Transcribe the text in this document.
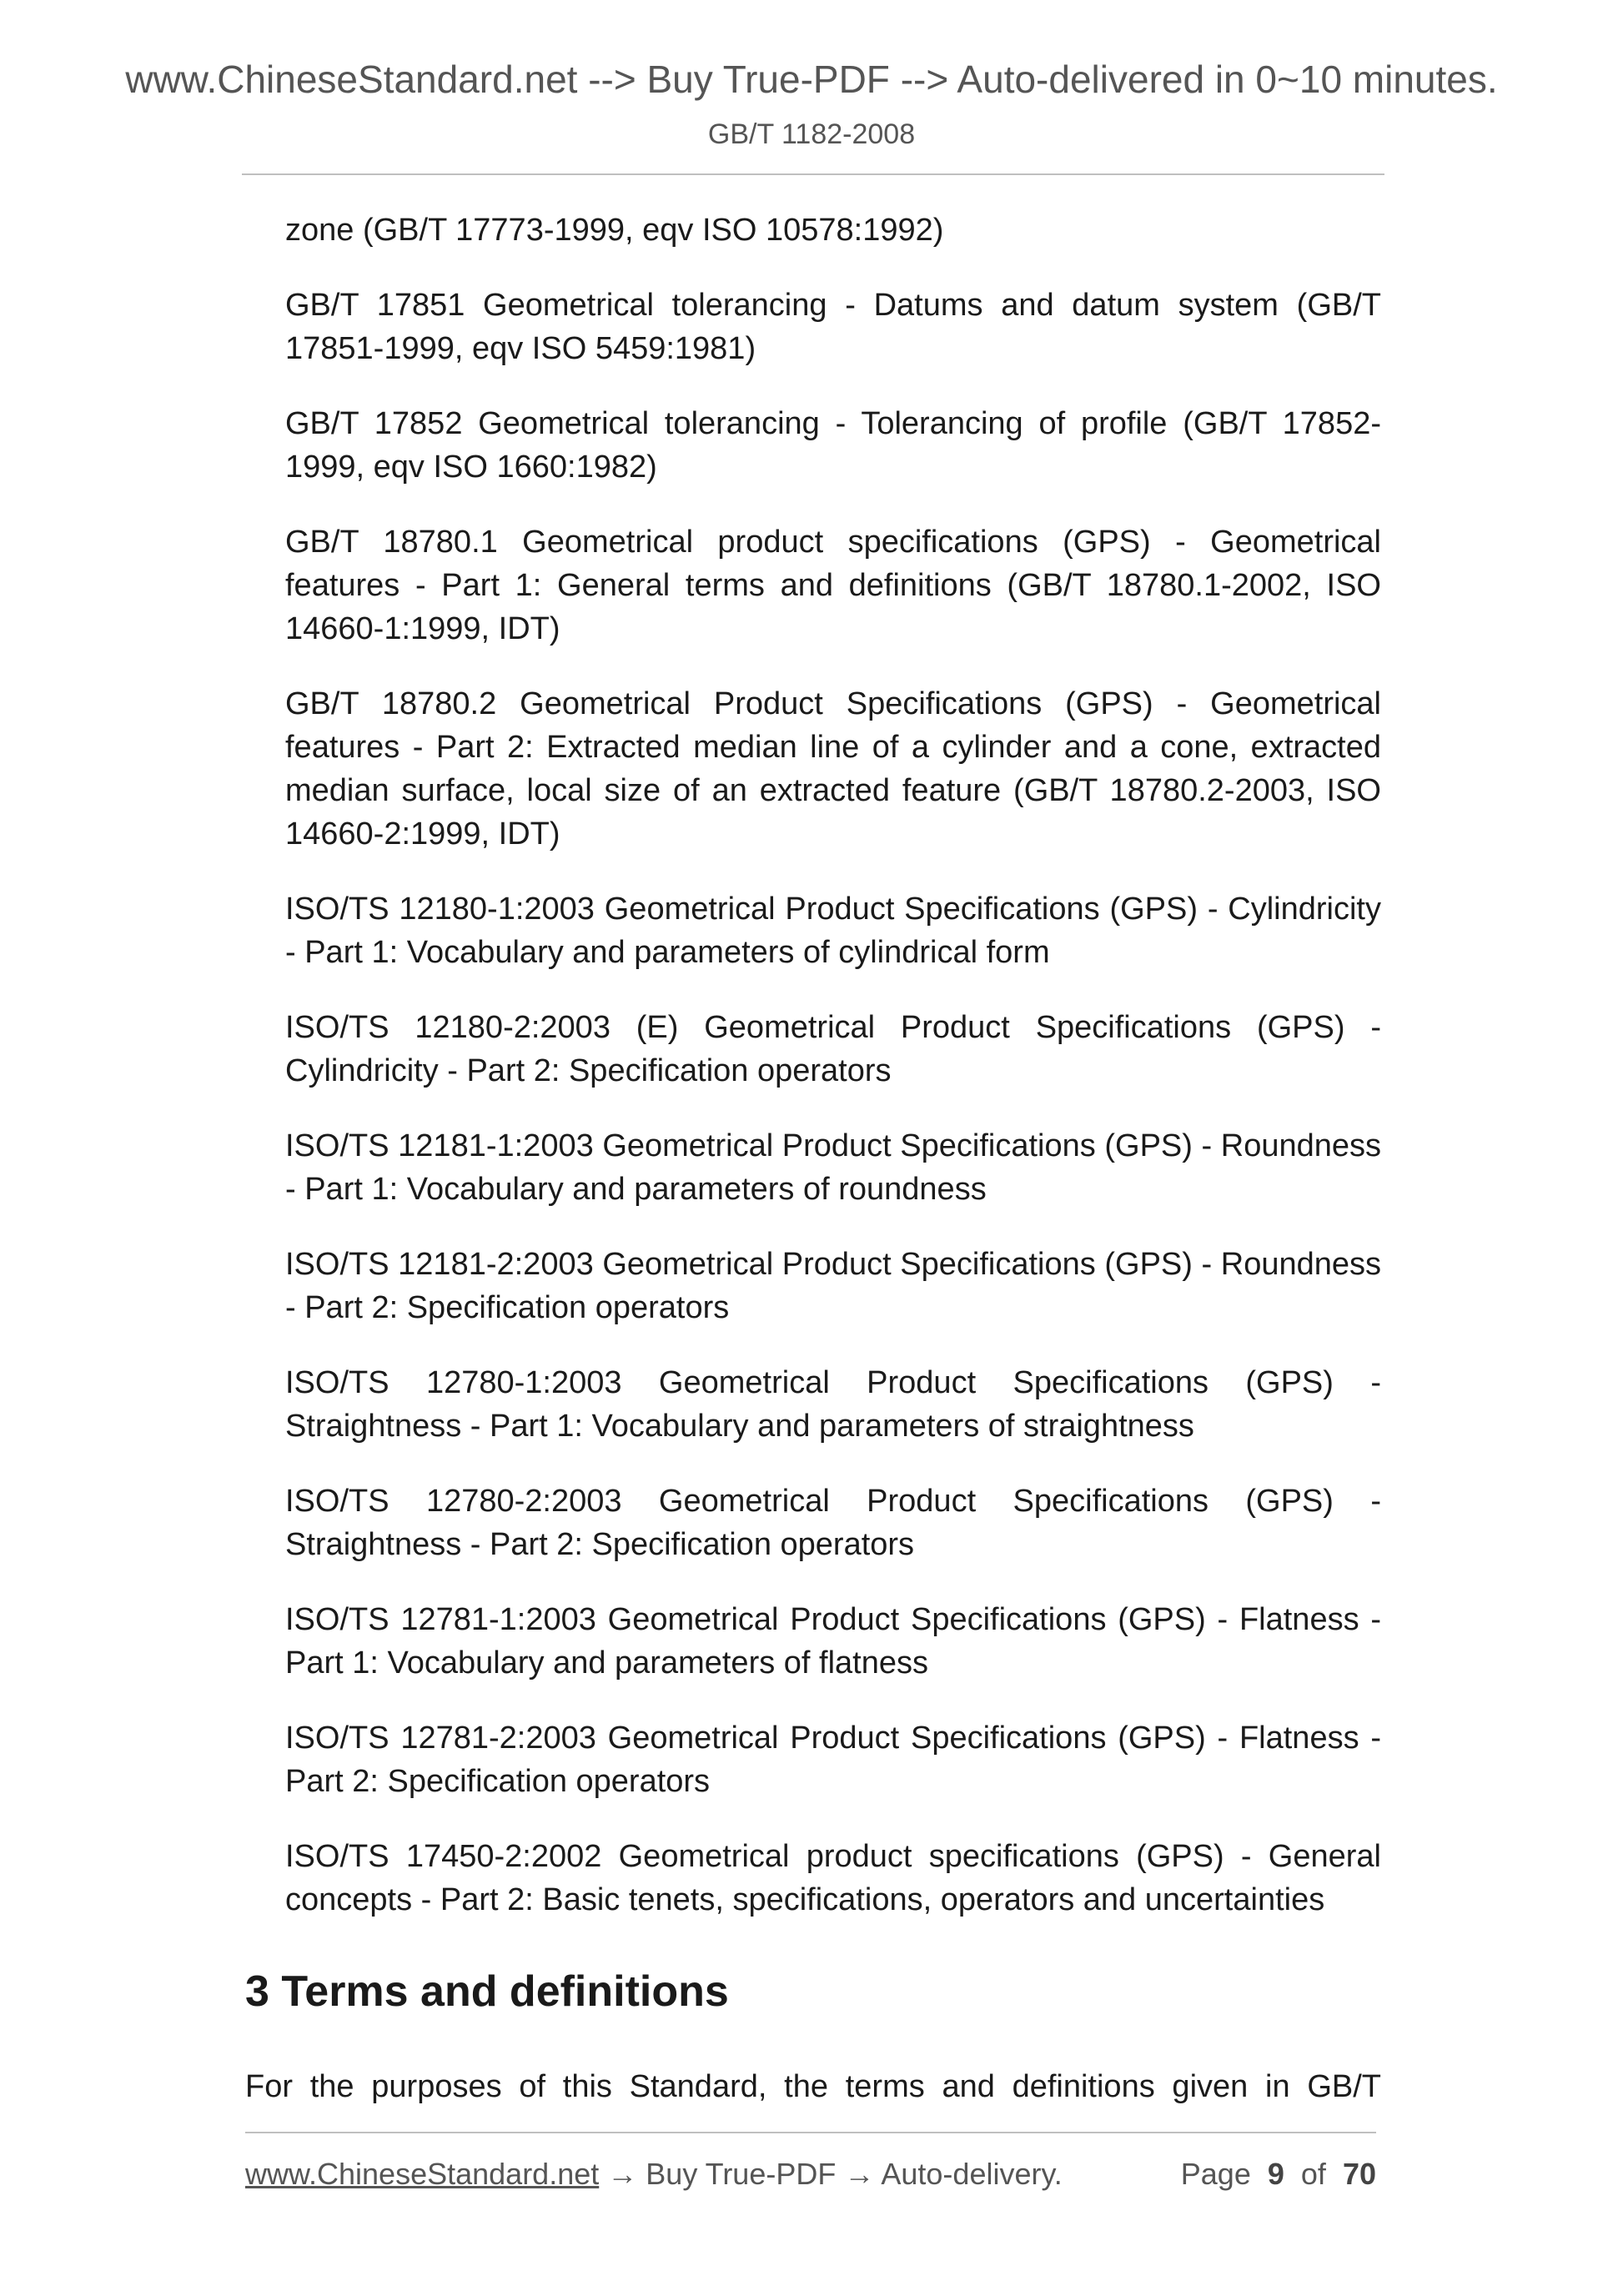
www.ChineseStandard.net --> Buy True-PDF --> Auto-delivered in 0~10 minutes.
GB/T 1182-2008
zone (GB/T 17773-1999, eqv ISO 10578:1992)
GB/T 17851 Geometrical tolerancing - Datums and datum system (GB/T 17851-1999, eqv ISO 5459:1981)
GB/T 17852 Geometrical tolerancing - Tolerancing of profile (GB/T 17852-1999, eqv ISO 1660:1982)
GB/T 18780.1 Geometrical product specifications (GPS) - Geometrical features - Part 1: General terms and definitions (GB/T 18780.1-2002, ISO 14660-1:1999, IDT)
GB/T 18780.2 Geometrical Product Specifications (GPS) - Geometrical features - Part 2: Extracted median line of a cylinder and a cone, extracted median surface, local size of an extracted feature (GB/T 18780.2-2003, ISO 14660-2:1999, IDT)
ISO/TS 12180-1:2003 Geometrical Product Specifications (GPS) - Cylindricity - Part 1: Vocabulary and parameters of cylindrical form
ISO/TS 12180-2:2003 (E) Geometrical Product Specifications (GPS) - Cylindricity - Part 2: Specification operators
ISO/TS 12181-1:2003 Geometrical Product Specifications (GPS) - Roundness - Part 1: Vocabulary and parameters of roundness
ISO/TS 12181-2:2003 Geometrical Product Specifications (GPS) - Roundness - Part 2: Specification operators
ISO/TS 12780-1:2003 Geometrical Product Specifications (GPS) - Straightness - Part 1: Vocabulary and parameters of straightness
ISO/TS 12780-2:2003 Geometrical Product Specifications (GPS) - Straightness - Part 2: Specification operators
ISO/TS 12781-1:2003 Geometrical Product Specifications (GPS) - Flatness - Part 1: Vocabulary and parameters of flatness
ISO/TS 12781-2:2003 Geometrical Product Specifications (GPS) - Flatness - Part 2: Specification operators
ISO/TS 17450-2:2002 Geometrical product specifications (GPS) - General concepts - Part 2: Basic tenets, specifications, operators and uncertainties
3 Terms and definitions

For the purposes of this Standard, the terms and definitions given in GB/T

www.ChineseStandard.net → Buy True-PDF → Auto-delivery.	Page 9 of 70
